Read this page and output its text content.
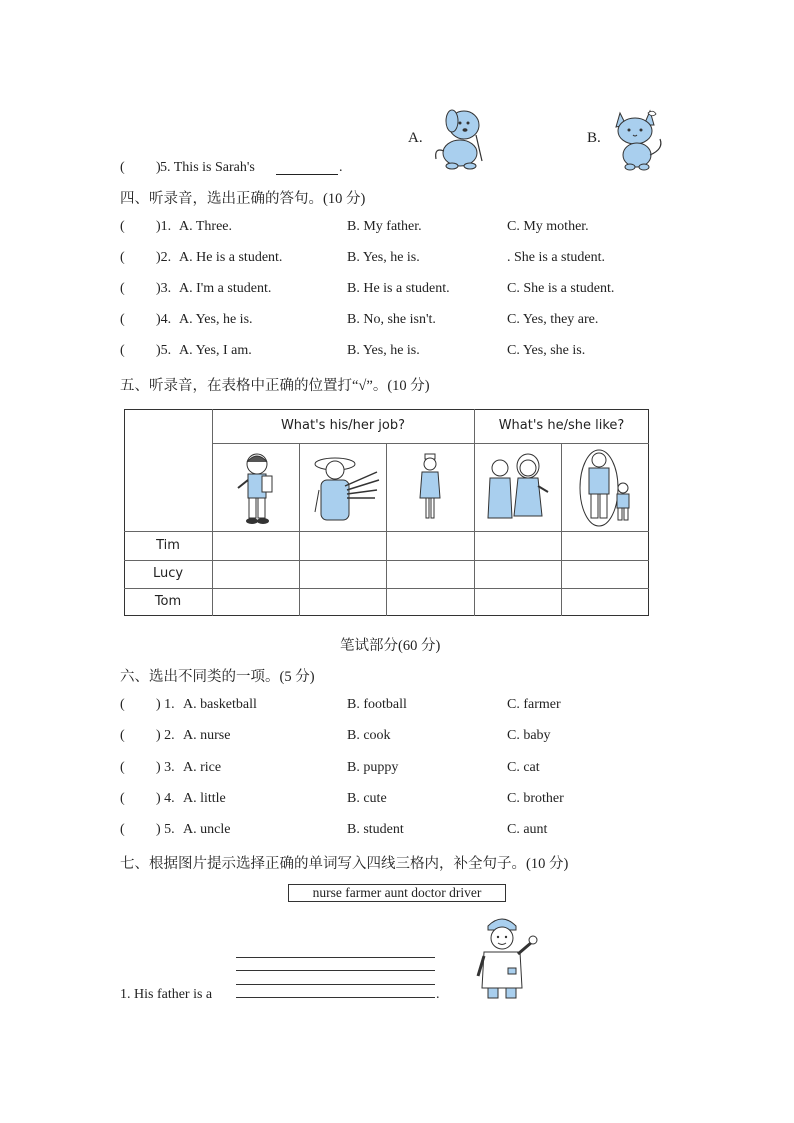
A.	B.
( ) 5. This is Sarah's	.
四、听录音，选出正确的答句。(10 分)
( )1. A. Three.	B. My father.	C. My mother.
( )2. A. He is a student.	B. Yes, he is.	. She is a student.
( )3. A. I'm a student.	B. He is a student.	C. She is a student.
( )4. A. Yes, he is.	B. No, she isn't.	C. Yes, they are.
( )5. A. Yes, I am.	B. Yes, he is.	C. Yes, she is.
五、听录音，在表格中正确的位置打“√”。(10 分)
What's his/her job?	What's he/she like?
Tim
Lucy
Tom
笔试部分(60 分)
六、选出不同类的一项。(5 分)
( ) 1. A. basketball	B. football	C. farmer
( ) 2. A. nurse	B. cook	C. baby
( ) 3. A. rice	B. puppy	C. cat
( ) 4. A. little	B. cute	C. brother
( ) 5. A. uncle	B. student	C. aunt
七、根据图片提示选择正确的单词写入四线三格内，补全句子。(10 分)
nurse farmer aunt doctor driver
1. His father is a	.
